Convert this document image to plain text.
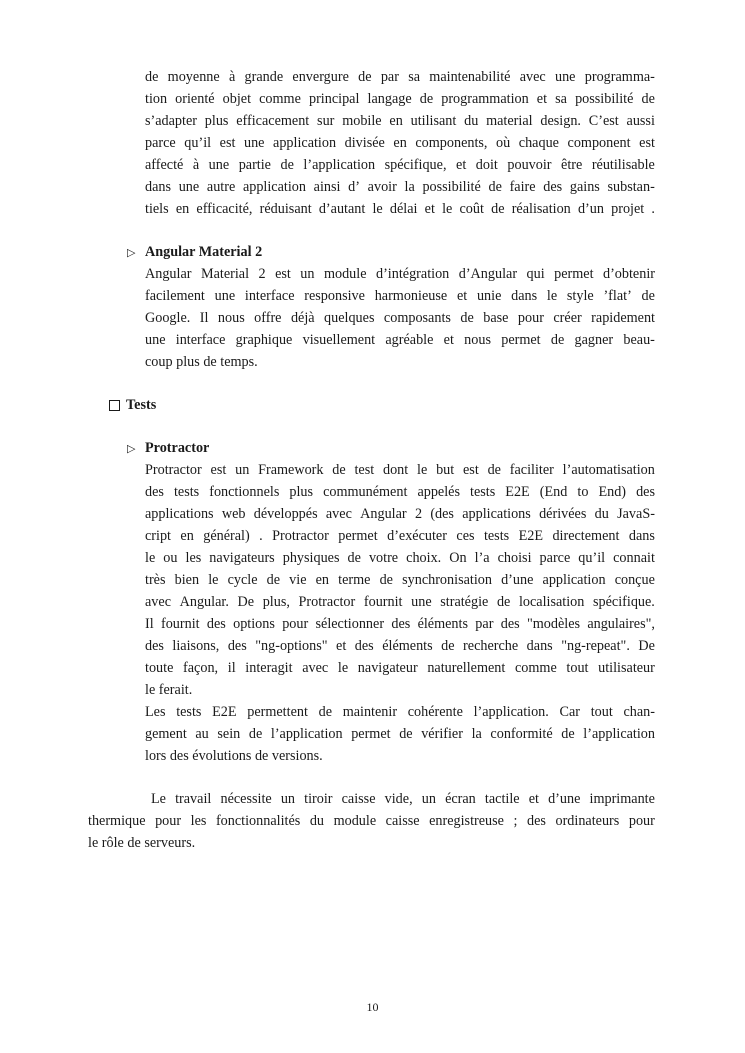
de moyenne à grande envergure de par sa maintenabilité avec une programma-
tion orienté objet comme principal langage de programmation et sa possibilité de
s’adapter plus efficacement sur mobile en utilisant du material design. C’est aussi
parce qu’il est une application divisée en components, où chaque component est
affecté à une partie de l’application spécifique, et doit pouvoir être réutilisable
dans une autre application ainsi d’ avoir la possibilité de faire des gains substan-
tiels en efficacité, réduisant d’autant le délai et le coût de réalisation d’un projet .
▷ Angular Material 2
Angular Material 2 est un module d’intégration d’Angular qui permet d’obtenir
facilement une interface responsive harmonieuse et unie dans le style ’flat’ de
Google. Il nous offre déjà quelques composants de base pour créer rapidement
une interface graphique visuellement agréable et nous permet de gagner beau-
coup plus de temps.
Tests
▷ Protractor
Protractor est un Framework de test dont le but est de faciliter l’automatisation
des tests fonctionnels plus communément appelés tests E2E (End to End) des
applications web développés avec Angular 2 (des applications dérivées du JavaS-
cript en général) . Protractor permet d’exécuter ces tests E2E directement dans
le ou les navigateurs physiques de votre choix. On l’a choisi parce qu’il connait
très bien le cycle de vie en terme de synchronisation d’une application conçue
avec Angular. De plus, Protractor fournit une stratégie de localisation spécifique.
Il fournit des options pour sélectionner des éléments par des "modèles angulaires",
des liaisons, des "ng-options" et des éléments de recherche dans "ng-repeat". De
toute façon, il interagit avec le navigateur naturellement comme tout utilisateur
le ferait.
Les tests E2E permettent de maintenir cohérente l’application. Car tout chan-
gement au sein de l’application permet de vérifier la conformité de l’application
lors des évolutions de versions.
Le travail nécessite un tiroir caisse vide, un écran tactile et d’une imprimante
thermique pour les fonctionnalités du module caisse enregistreuse ; des ordinateurs pour
le rôle de serveurs.
10
